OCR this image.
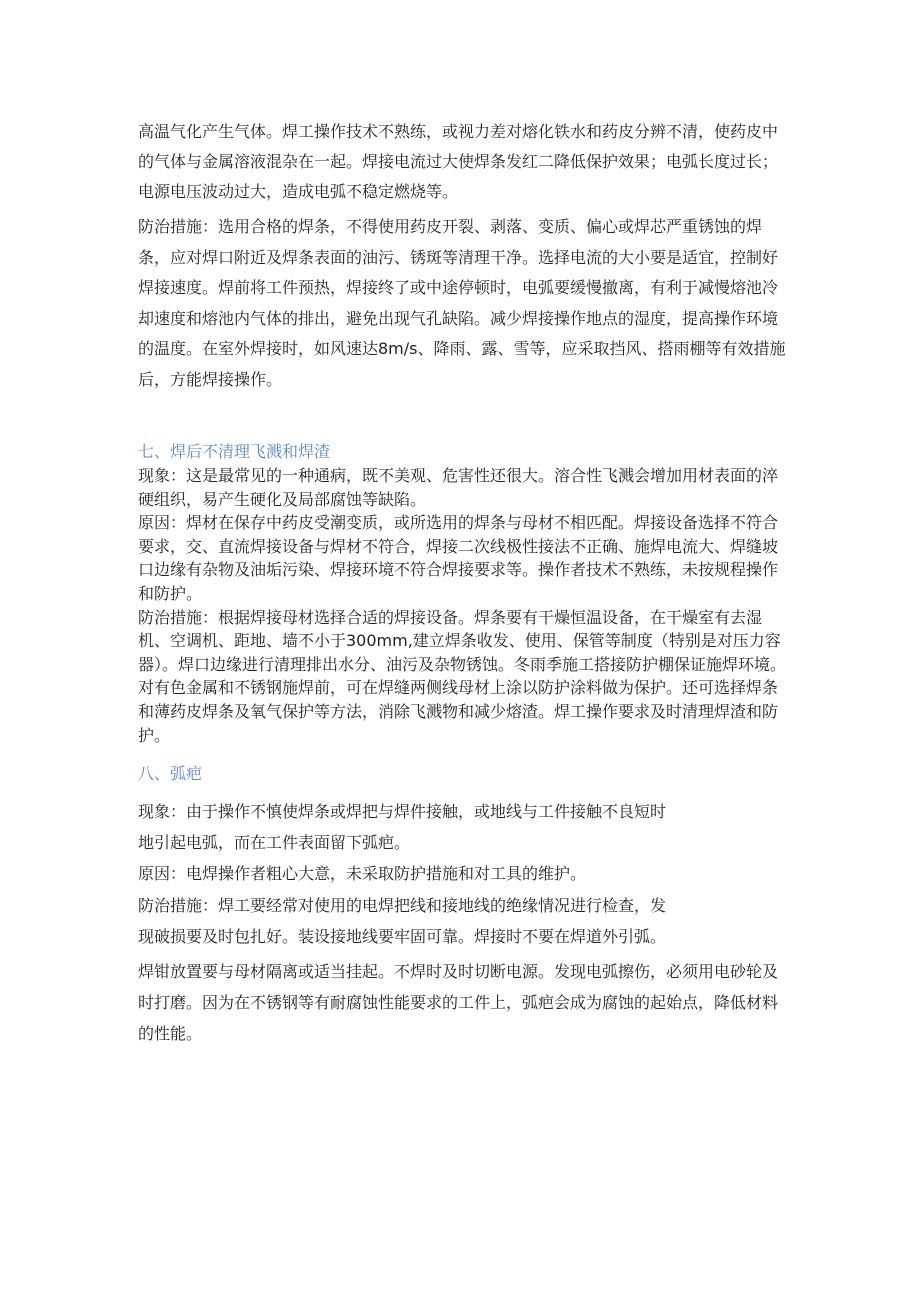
高温气化产生气体。焊工操作技术不熟练，或视力差对熔化铁水和药皮分辨不清，使药皮中的气体与金属溶液混杂在一起。焊接电流过大使焊条发红二降低保护效果；电弧长度过长；电源电压波动过大，造成电弧不稳定燃烧等。

防治措施：选用合格的焊条，不得使用药皮开裂、剥落、变质、偏心或焊芯严重锈蚀的焊条，应对焊口附近及焊条表面的油污、锈斑等清理干净。选择电流的大小要是适宜，控制好焊接速度。焊前将工件预热，焊接终了或中途停顿时，电弧要缓慢撤离，有利于减慢熔池冷却速度和熔池内气体的排出，避免出现气孔缺陷。减少焊接操作地点的湿度，提高操作环境的温度。在室外焊接时，如风速达8m/s、降雨、露、雪等，应采取挡风、搭雨棚等有效措施后，方能焊接操作。

七、焊后不清理飞溅和焊渣

现象：这是最常见的一种通病，既不美观、危害性还很大。溶合性飞溅会增加用材表面的淬硬组织，易产生硬化及局部腐蚀等缺陷。

原因：焊材在保存中药皮受潮变质，或所选用的焊条与母材不相匹配。焊接设备选择不符合要求，交、直流焊接设备与焊材不符合，焊接二次线极性接法不正确、施焊电流大、焊缝坡口边缘有杂物及油垢污染、焊接环境不符合焊接要求等。操作者技术不熟练，未按规程操作和防护。

防治措施：根据焊接母材选择合适的焊接设备。焊条要有干燥恒温设备，在干燥室有去湿机、空调机、距地、墙不小于300mm,建立焊条收发、使用、保管等制度（特别是对压力容器）。焊口边缘进行清理排出水分、油污及杂物锈蚀。冬雨季施工搭接防护棚保证施焊环境。对有色金属和不锈钢施焊前，可在焊缝两侧线母材上涂以防护涂料做为保护。还可选择焊条和薄药皮焊条及氧气保护等方法，消除飞溅物和减少熔渣。焊工操作要求及时清理焊渣和防护。

八、弧疤

现象：由于操作不慎使焊条或焊把与焊件接触，或地线与工件接触不良短时

地引起电弧，而在工件表面留下弧疤。

原因：电焊操作者粗心大意，未采取防护措施和对工具的维护。

防治措施：焊工要经常对使用的电焊把线和接地线的绝缘情况进行检查，发

现破损要及时包扎好。装设接地线要牢固可靠。焊接时不要在焊道外引弧。

焊钳放置要与母材隔离或适当挂起。不焊时及时切断电源。发现电弧擦伤，必须用电砂轮及时打磨。因为在不锈钢等有耐腐蚀性能要求的工件上，弧疤会成为腐蚀的起始点，降低材料的性能。
